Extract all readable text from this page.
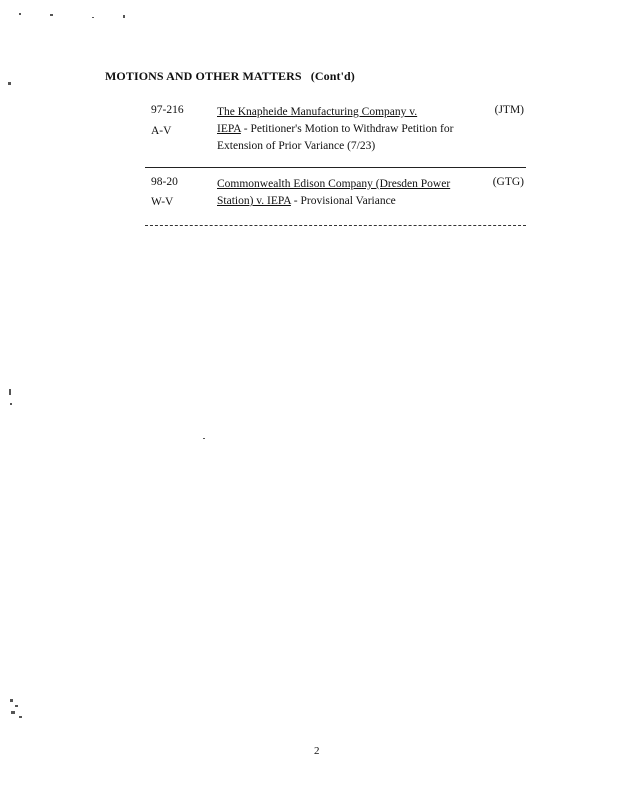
MOTIONS AND OTHER MATTERS (Cont'd)
97-216
A-V
The Knapheide Manufacturing Company v.
IEPA - Petitioner's Motion to Withdraw Petition for Extension of Prior Variance (7/23)
(JTM)
98-20
W-V
Commonwealth Edison Company (Dresden Power Station) v. IEPA - Provisional Variance
(GTG)
2
